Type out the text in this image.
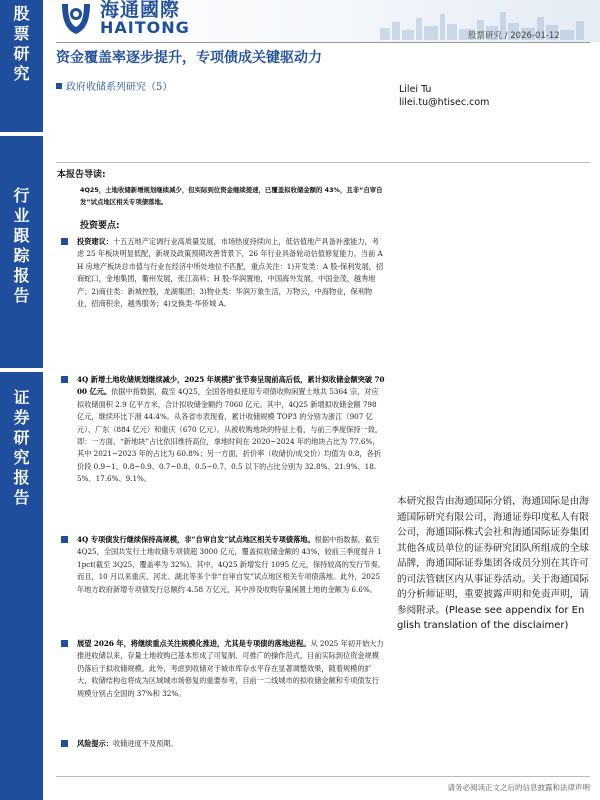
股
票
研
究
行
业
跟
踪
报
告
证
券
研
究
报
告
海通國際
HAITONG	股票研究 / 2026-01-12
资金覆盖率逐步提升，专项债成关键驱动力
政府收储系列研究（5）	Lilei Tu
lilei.tu@htisec.com
本报告导读:
4Q25，土地收储新增规划继续减少，但实际到位资金继续提速，已覆盖拟收储金额的 43%，且非“自审自发”试点地区相关专项债落地。
投资要点:
投资建议：十五五地产定调行业高质量发展，市场热度持续向上，低估值地产具备补涨能力，考虑 25 年板块明显低配，新规及政策预期改善背景下，26 年行业具备轮动估值修复能力。当前 AH 房地产板块总市值与行业在经济中所处地位不匹配，重点关注：1)开发类：A 股-保利发展，招商蛇口，金地集团，衢州发展，张江高科；H 股-华润置地，中国海外发展，中国金茂，越秀地产；2)商住类：新城控股，龙湖集团；3)物业类：华润万象生活，万物云，中海物业，保利物业，招商积余，越秀服务；4)交换类-华侨城 A。
4Q 新增土地收储规划继续减少，2025 年规模扩张节奏呈现前高后低，累计拟收储金额突破 7000 亿元。依据中指数据，截至 4Q25，全国各地拟使用专项债收购闲置土地共 5364 宗，对应拟收储面积 2.9 亿平方米，合计拟收储金额约 7060 亿元。其中，4Q25 新增拟收储金额 798 亿元，继续环比下滑 44.4%。从各省市表现看，累计收储规模 TOP3 的分别为浙江（907 亿元）、广东（884 亿元）和重庆（670 亿元）。从被收购地块的特征上看，与前三季度保持一致，即：一方面，“新地块”占比依旧维持高位，拿地时间在 2020~2024 年的地块占比为 77.6%，其中 2021~2023 年的占比为 60.8%；另一方面，折价率（收储价/成交价）均值为 0.8，各折价段 0.9~1、0.8~0.9、0.7~0.8、0.5~0.7、0.5 以下的占比分别为 32.8%、21.9%、18.5%、17.6%、9.1%。
4Q 专项债发行继续保持高规模，非“自审自发”试点地区相关专项债落地。根据中指数据，截至 4Q25，全国共发行土地收储专项债超 3000 亿元，覆盖拟收储金额的 43%，较前三季度提升 11pct(截至 3Q25，覆盖率为 32%)。其中，4Q25 新增发行 1095 亿元，保持较高的发行节奏。而且，10 月以来重庆、河北、湖北等多个非“自审自发”试点地区相关专项债落地。此外，2025 年地方政府新增专项债发行总额约 4.58 万亿元，其中涉及收购存量闲置土地的金额为 6.6%。
展望 2026 年，将继续重点关注规模化推进，尤其是专项债的落地进程。从 2025 年初开始大力推进收储以来，存量土地收购已基本形成了可复制、可推广的操作范式，目前实际到位资金规模仍落后于拟收储规模。此外，考虑到收储对于城市库存水平存在显著调整效果，随着规模的扩大，收储结构也将成为区域城市场修复的重要参考，目前一二线城市的拟收储金额和专项债发行规模分别占全国的 37%和 32%。
风险提示：收储进度不及预期。
本研究报告由海通国际分销，海通国际是由海通国际研究有限公司，海通证券印度私人有限公司，海通国际株式会社和海通国际证券集团其他各成员单位的证券研究团队所组成的全球品牌，海通国际证券集团各成员分别在其许可的司法管辖区内从事证券活动。关于海通国际的分析师证明，重要披露声明和免责声明，请参阅附录。(Please see appendix for English translation of the disclaimer)
请务必阅读正文之后的信息披露和法律声明
